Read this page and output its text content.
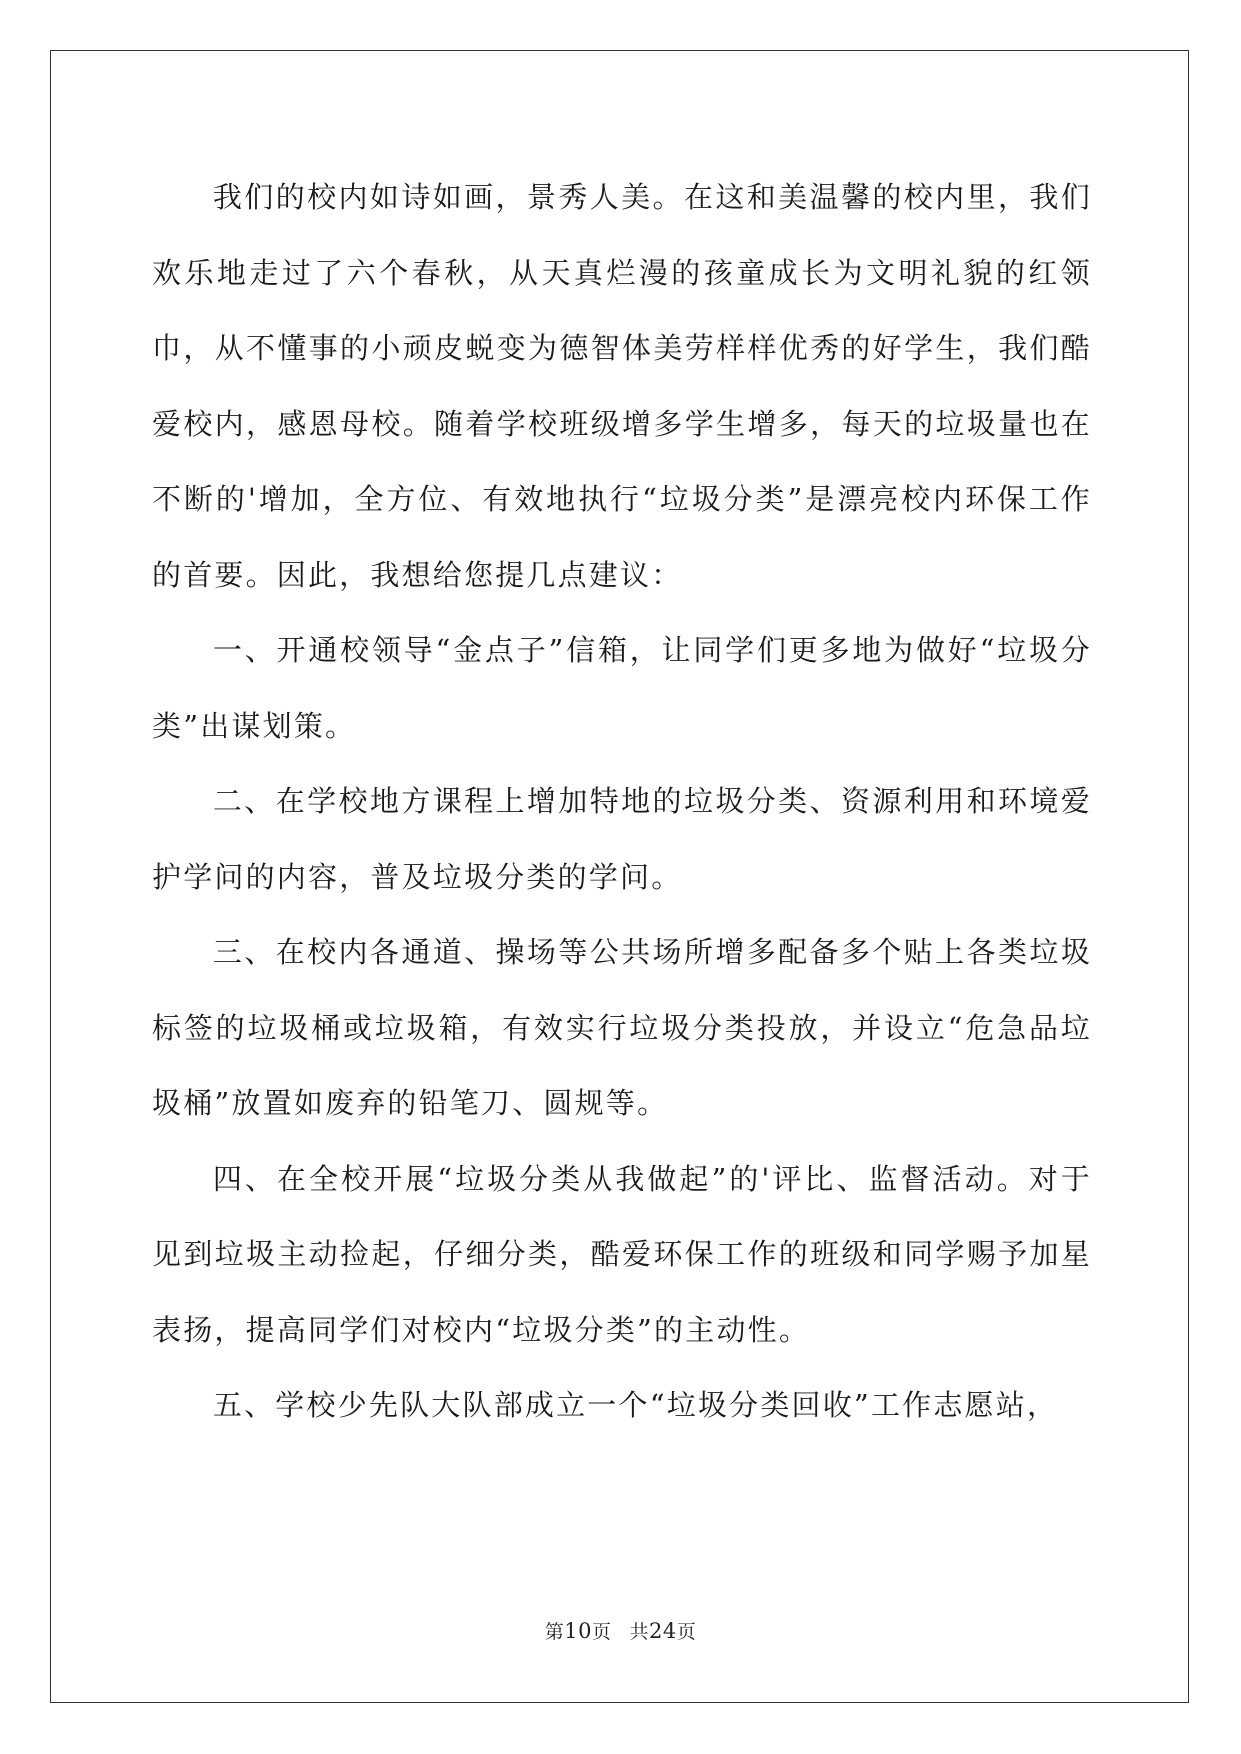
我们的校内如诗如画，景秀人美。在这和美温馨的校内里，我们欢乐地走过了六个春秋，从天真烂漫的孩童成长为文明礼貌的红领巾，从不懂事的小顽皮蜕变为德智体美劳样样优秀的好学生，我们酷爱校内，感恩母校。随着学校班级增多学生增多，每天的垃圾量也在不断的'增加，全方位、有效地执行“垃圾分类”是漂亮校内环保工作的首要。因此，我想给您提几点建议：

一、开通校领导“金点子”信箱，让同学们更多地为做好“垃圾分类”出谋划策。

二、在学校地方课程上增加特地的垃圾分类、资源利用和环境爱护学问的内容，普及垃圾分类的学问。

三、在校内各通道、操场等公共场所增多配备多个贴上各类垃圾标签的垃圾桶或垃圾箱，有效实行垃圾分类投放，并设立“危急品垃圾桶”放置如废弃的铅笔刀、圆规等。

四、在全校开展“垃圾分类从我做起”的'评比、监督活动。对于见到垃圾主动捡起，仔细分类，酷爱环保工作的班级和同学赐予加星表扬，提高同学们对校内“垃圾分类”的主动性。

五、学校少先队大队部成立一个“垃圾分类回收”工作志愿站，

第10页 共24页
